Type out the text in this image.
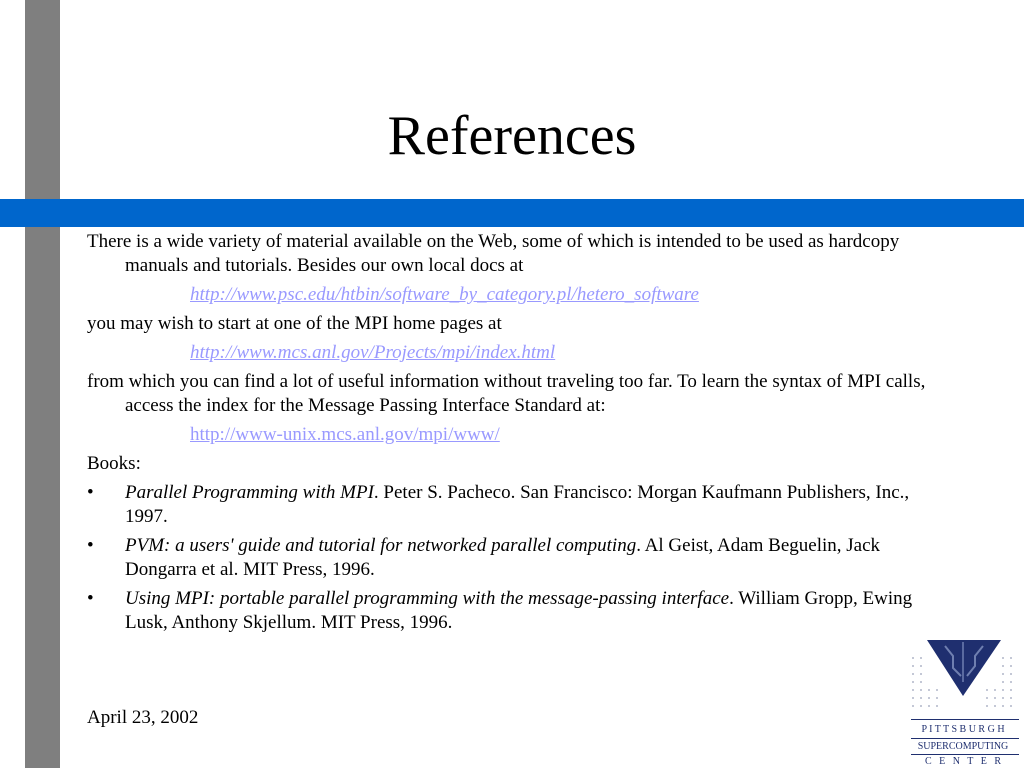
References

There is a wide variety of material available on the Web, some of which is intended to be used as hardcopy manuals and tutorials. Besides our own local docs at

http://www.psc.edu/htbin/software_by_category.pl/hetero_software

you may wish to start at one of the MPI home pages at

http://www.mcs.anl.gov/Projects/mpi/index.html

from which you can find a lot of useful information without traveling too far. To learn the syntax of MPI calls, access the index for the Message Passing Interface Standard at:

http://www-unix.mcs.anl.gov/mpi/www/

Books:

• Parallel Programming with MPI. Peter S. Pacheco. San Francisco: Morgan Kaufmann Publishers, Inc., 1997.
• PVM: a users' guide and tutorial for networked parallel computing. Al Geist, Adam Beguelin, Jack Dongarra et al. MIT Press, 1996.
• Using MPI: portable parallel programming with the message-passing interface. William Gropp, Ewing Lusk, Anthony Skjellum. MIT Press, 1996.
April 23, 2002
P I T T S B U R G H
SUPERCOMPUTING
C   E   N   T   E   R
